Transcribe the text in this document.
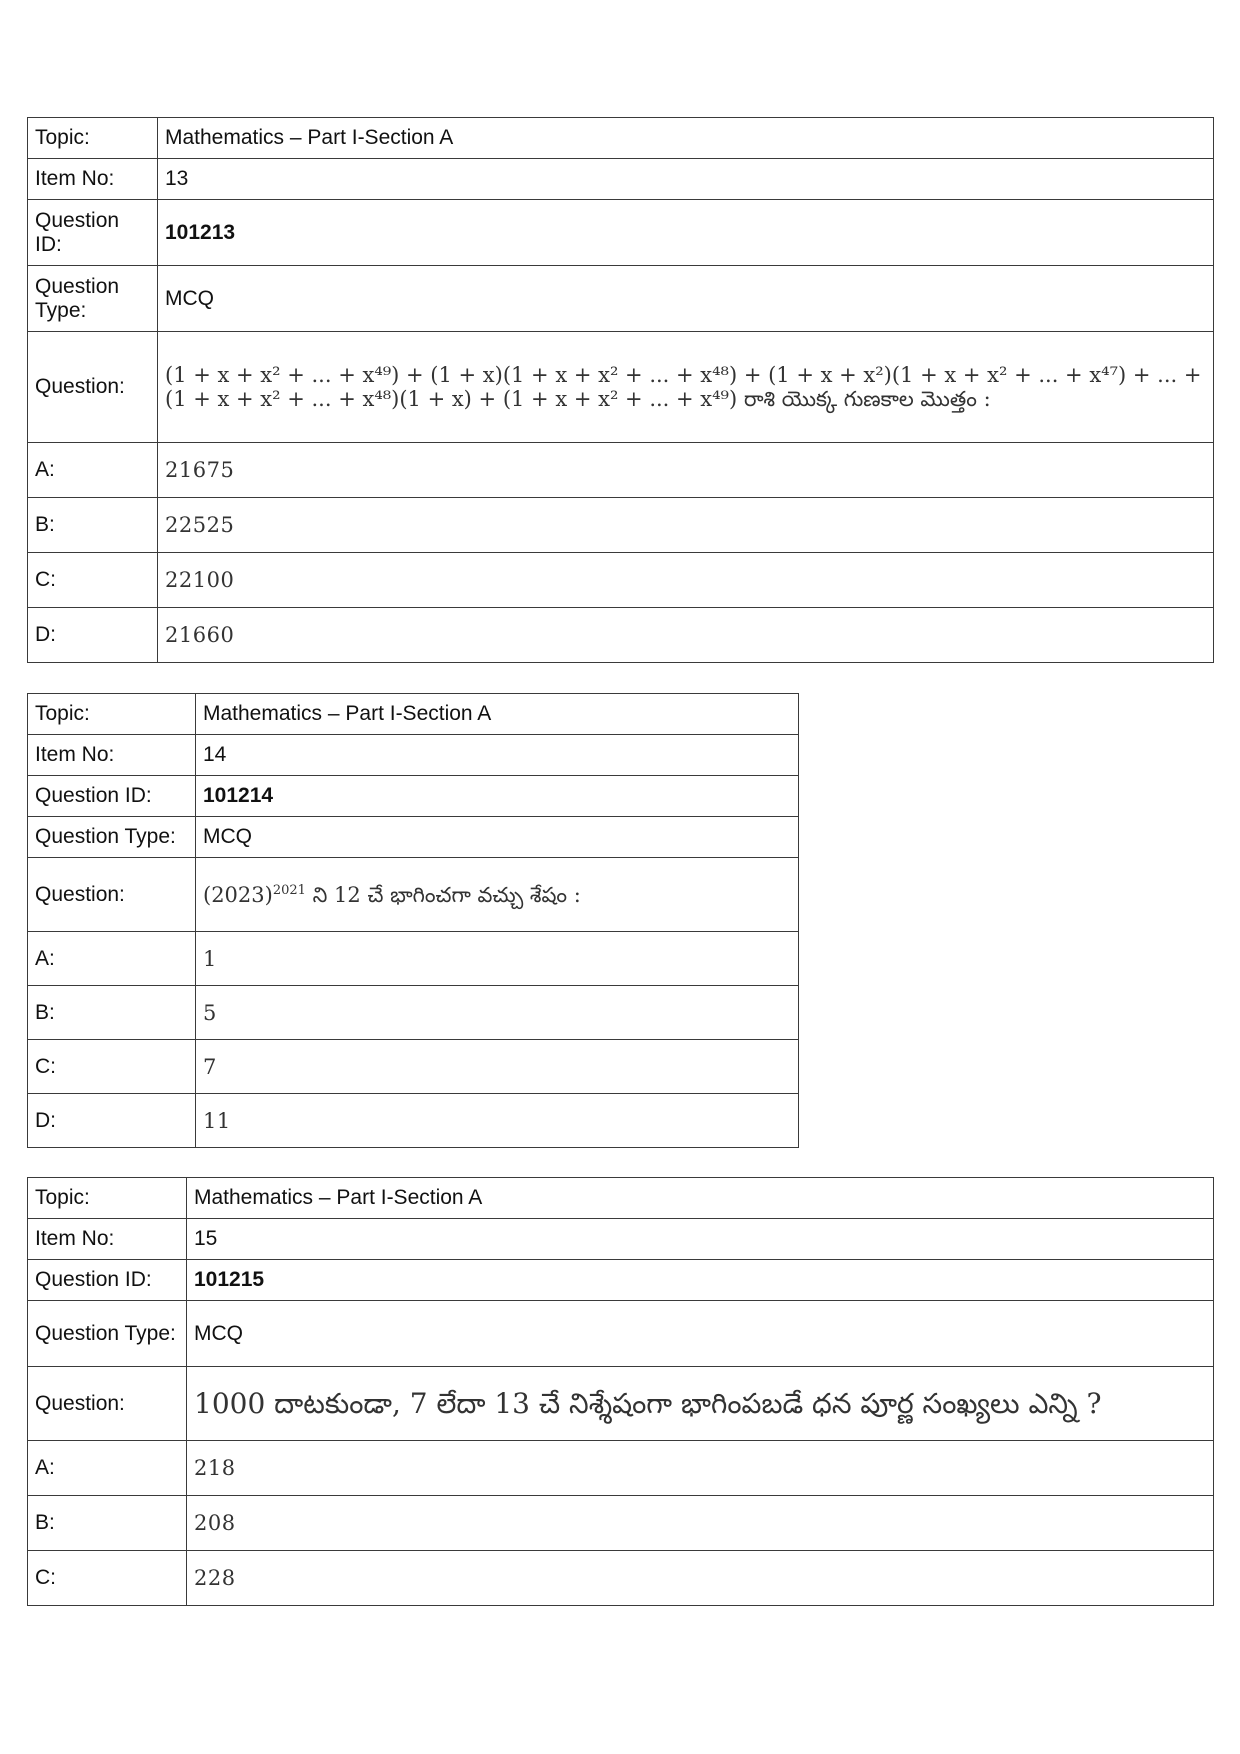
Topic:	Mathematics – Part I-Section A
Item No:	13
Question ID:	101213
Question Type:	MCQ
Question:	(1 + x + x² + ... + x⁴⁹) + (1 + x)(1 + x + x² + ... + x⁴⁸) + (1 + x + x²)(1 + x + x² + ... + x⁴⁷) + ... +
(1 + x + x² + ... + x⁴⁸)(1 + x) + (1 + x + x² + ... + x⁴⁹) రాశి యొక్క గుణకాల మొత్తం :

A:	21675
B:	22525
C:	22100
D:	21660
Topic:	Mathematics – Part I-Section A
Item No:	14
Question ID:	101214
Question Type:	MCQ
Question:	$(2023)^{2021}$ ని 12 చే భాగించగా వచ్చు శేషం :
A:	1
B:	5
C:	7
D:	11
Topic:	Mathematics – Part I-Section A
Item No:	15
Question ID:	101215
Question Type:	MCQ
Question:	1000 దాటకుండా, 7 లేదా 13 చే నిశ్శేషంగా భాగింపబడే ధన పూర్ణ సంఖ్యలు ఎన్ని ?
A:	218
B:	208
C:	228
